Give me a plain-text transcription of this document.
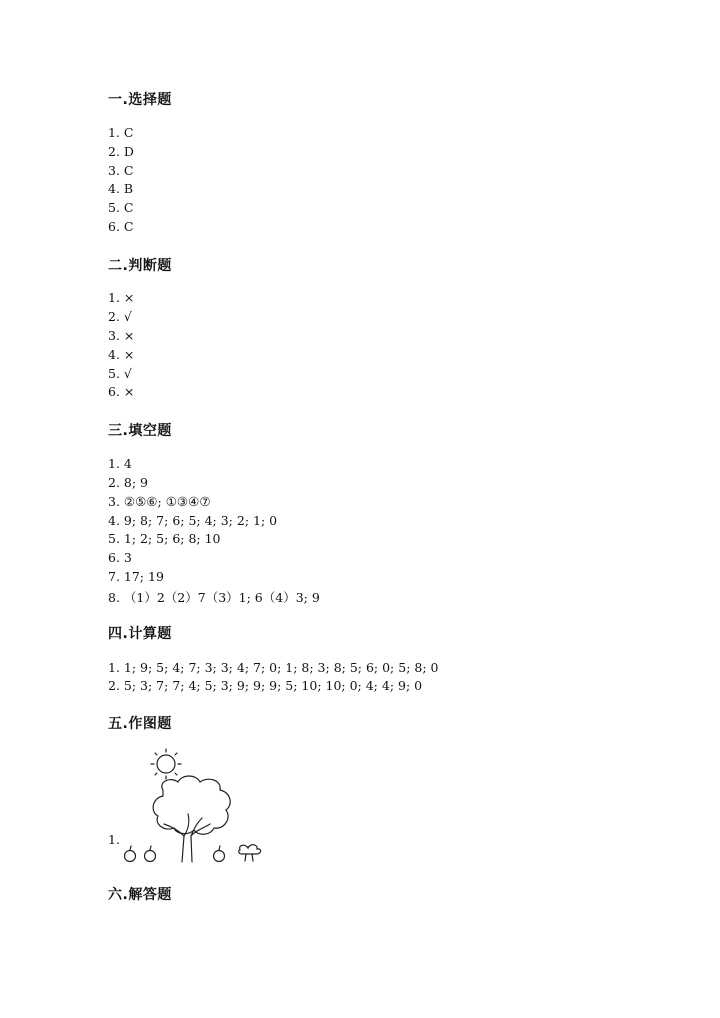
一.选择题
1. C
2. D
3. C
4. B
5. C
6. C
二.判断题
1. ×
2. √
3. ×
4. ×
5. √
6. ×
三.填空题
1. 4
2. 8; 9
3. ②⑤⑥; ①③④⑦
4. 9; 8; 7; 6; 5; 4; 3; 2; 1; 0
5. 1; 2; 5; 6; 8; 10
6. 3
7. 17; 19
8. （1）2（2）7（3）1; 6（4）3; 9
四.计算题
1. 1; 9; 5; 4; 7; 3; 3; 4; 7; 0; 1; 8; 3; 8; 5; 6; 0; 5; 8; 0
2. 5; 3; 7; 7; 4; 5; 3; 9; 9; 9; 5; 10; 10; 0; 4; 4; 9; 0
五.作图题
1.
六.解答题
